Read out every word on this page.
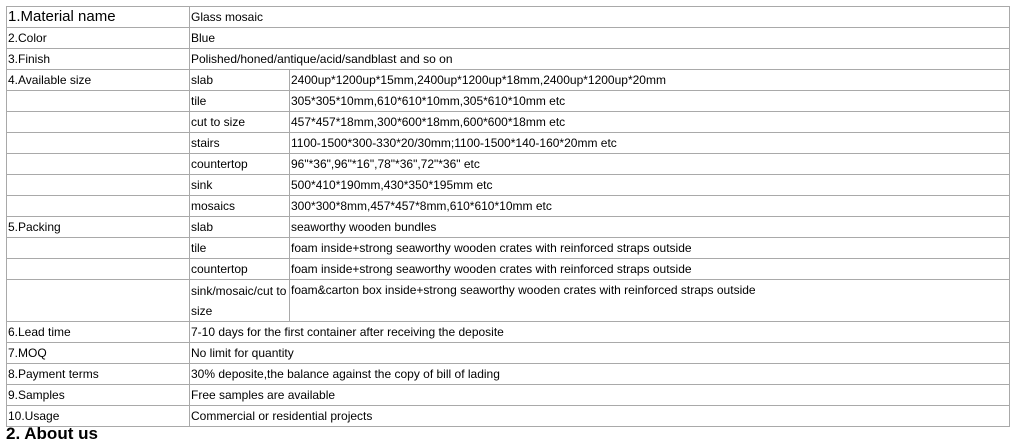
1.Material name	Glass mosaic	
2.Color	Blue	
3.Finish	Polished/honed/antique/acid/sandblast and so on	
4.Available size	slab	2400up*1200up*15mm,2400up*1200up*18mm,2400up*1200up*20mm
	tile	305*305*10mm,610*610*10mm,305*610*10mm etc
	cut to size	457*457*18mm,300*600*18mm,600*600*18mm etc
	stairs	1100-1500*300-330*20/30mm;1100-1500*140-160*20mm etc
	countertop	96"*36",96"*16",78"*36",72"*36" etc
	sink	500*410*190mm,430*350*195mm etc
	mosaics	300*300*8mm,457*457*8mm,610*610*10mm etc
5.Packing	slab	seaworthy wooden bundles
	tile	foam inside+strong seaworthy wooden crates with reinforced straps outside
	countertop	foam inside+strong seaworthy wooden crates with reinforced straps outside
	sink/mosaic/cut to size	foam&carton box inside+strong seaworthy wooden crates with reinforced straps outside
6.Lead time	7-10 days for the first container after receiving the deposite	
7.MOQ	No limit for quantity	
8.Payment terms	30% deposite,the balance against the copy of bill of lading	
9.Samples	Free samples are available	
10.Usage	Commercial or residential projects	
2. About us
